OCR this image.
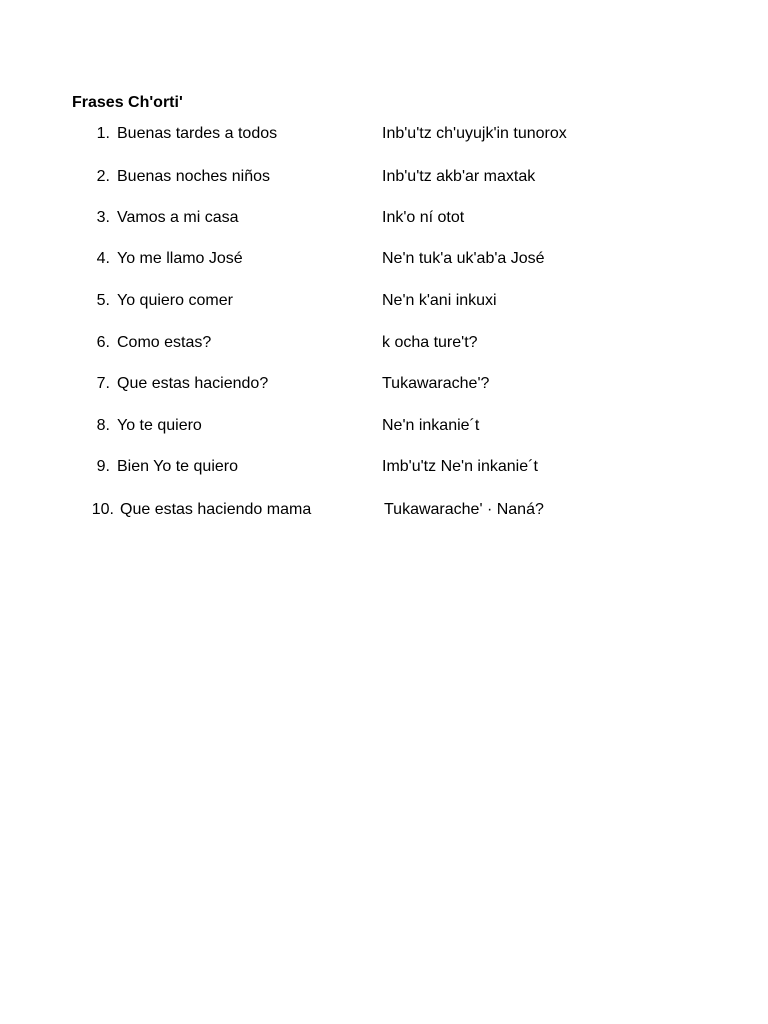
Frases Ch'orti'
1. Buenas tardes a todos	Inb'u'tz ch'uyujk'in tunorox
2. Buenas noches niños	Inb'u'tz akb'ar maxtak
3. Vamos a mi casa	Ink'o ní otot
4. Yo me llamo José	Ne'n tuk'a uk'ab'a José
5. Yo quiero comer	Ne'n k'ani inkuxi
6. Como estas?	k ocha ture't?
7. Que estas haciendo?	Tukawarache'?
8. Yo te quiero	Ne'n inkanie´t
9. Bien Yo te quiero	Imb'u'tz Ne'n inkanie´t
10. Que estas haciendo mama	Tukawarache' · Naná?
